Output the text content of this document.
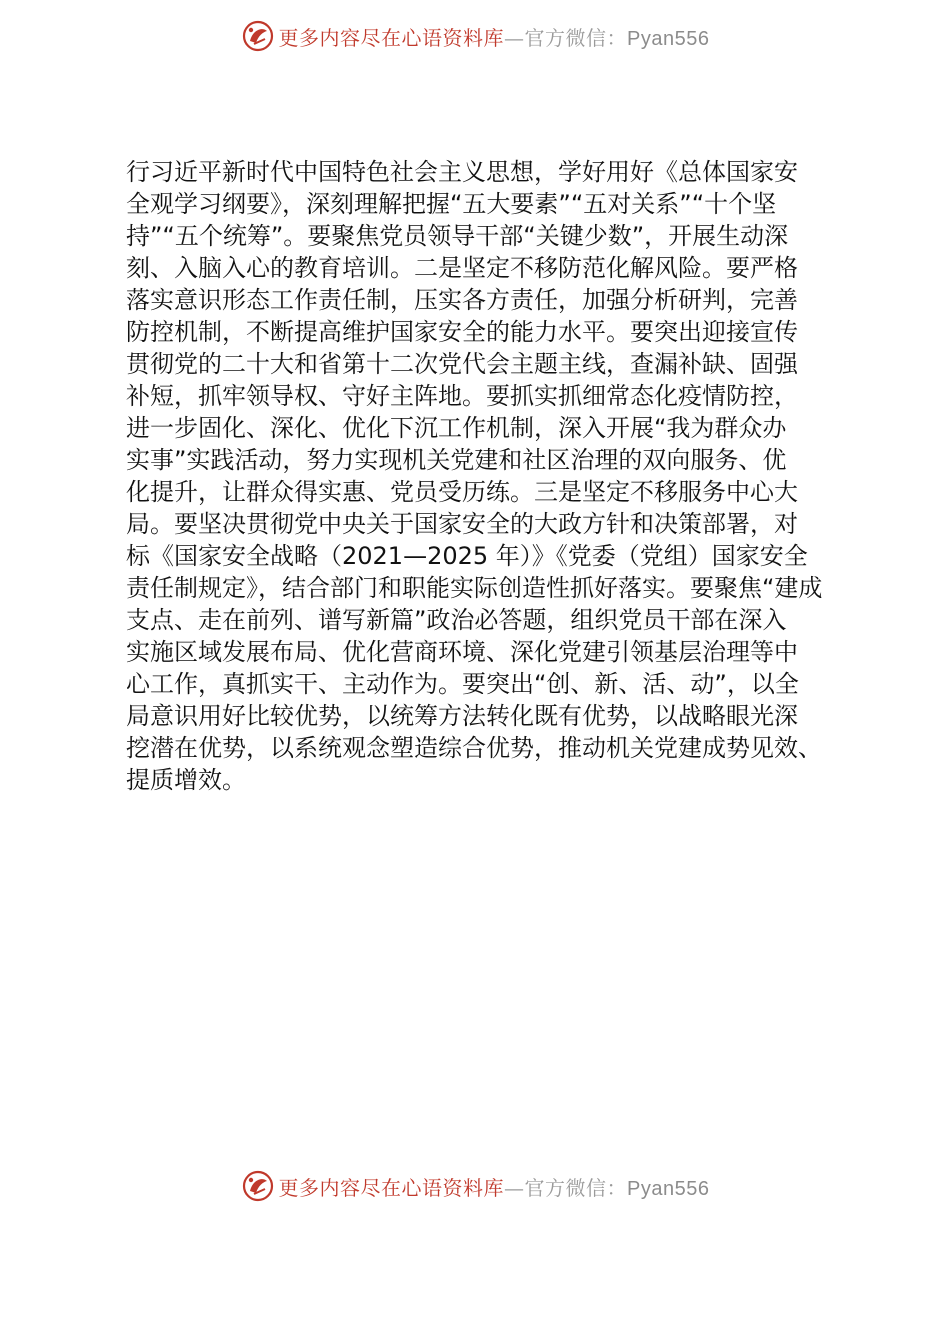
更多内容尽在心语资料库—官方微信：Pyan556
行习近平新时代中国特色社会主义思想，学好用好《总体国家安
全观学习纲要》，深刻理解把握“五大要素”“五对关系”“十个坚
持”“五个统筹”。要聚焦党员领导干部“关键少数”，开展生动深
刻、入脑入心的教育培训。二是坚定不移防范化解风险。要严格
落实意识形态工作责任制，压实各方责任，加强分析研判，完善
防控机制，不断提高维护国家安全的能力水平。要突出迎接宣传
贯彻党的二十大和省第十二次党代会主题主线，查漏补缺、固强
补短，抓牢领导权、守好主阵地。要抓实抓细常态化疫情防控，
进一步固化、深化、优化下沉工作机制，深入开展“我为群众办
实事”实践活动，努力实现机关党建和社区治理的双向服务、优
化提升，让群众得实惠、党员受历练。三是坚定不移服务中心大
局。要坚决贯彻党中央关于国家安全的大政方针和决策部署，对
标《国家安全战略（2021—2025 年）》《党委（党组）国家安全
责任制规定》，结合部门和职能实际创造性抓好落实。要聚焦“建成
支点、走在前列、谱写新篇”政治必答题，组织党员干部在深入
实施区域发展布局、优化营商环境、深化党建引领基层治理等中
心工作，真抓实干、主动作为。要突出“创、新、活、动”，以全
局意识用好比较优势，以统筹方法转化既有优势，以战略眼光深
挖潜在优势，以系统观念塑造综合优势，推动机关党建成势见效、
提质增效。
更多内容尽在心语资料库—官方微信：Pyan556
